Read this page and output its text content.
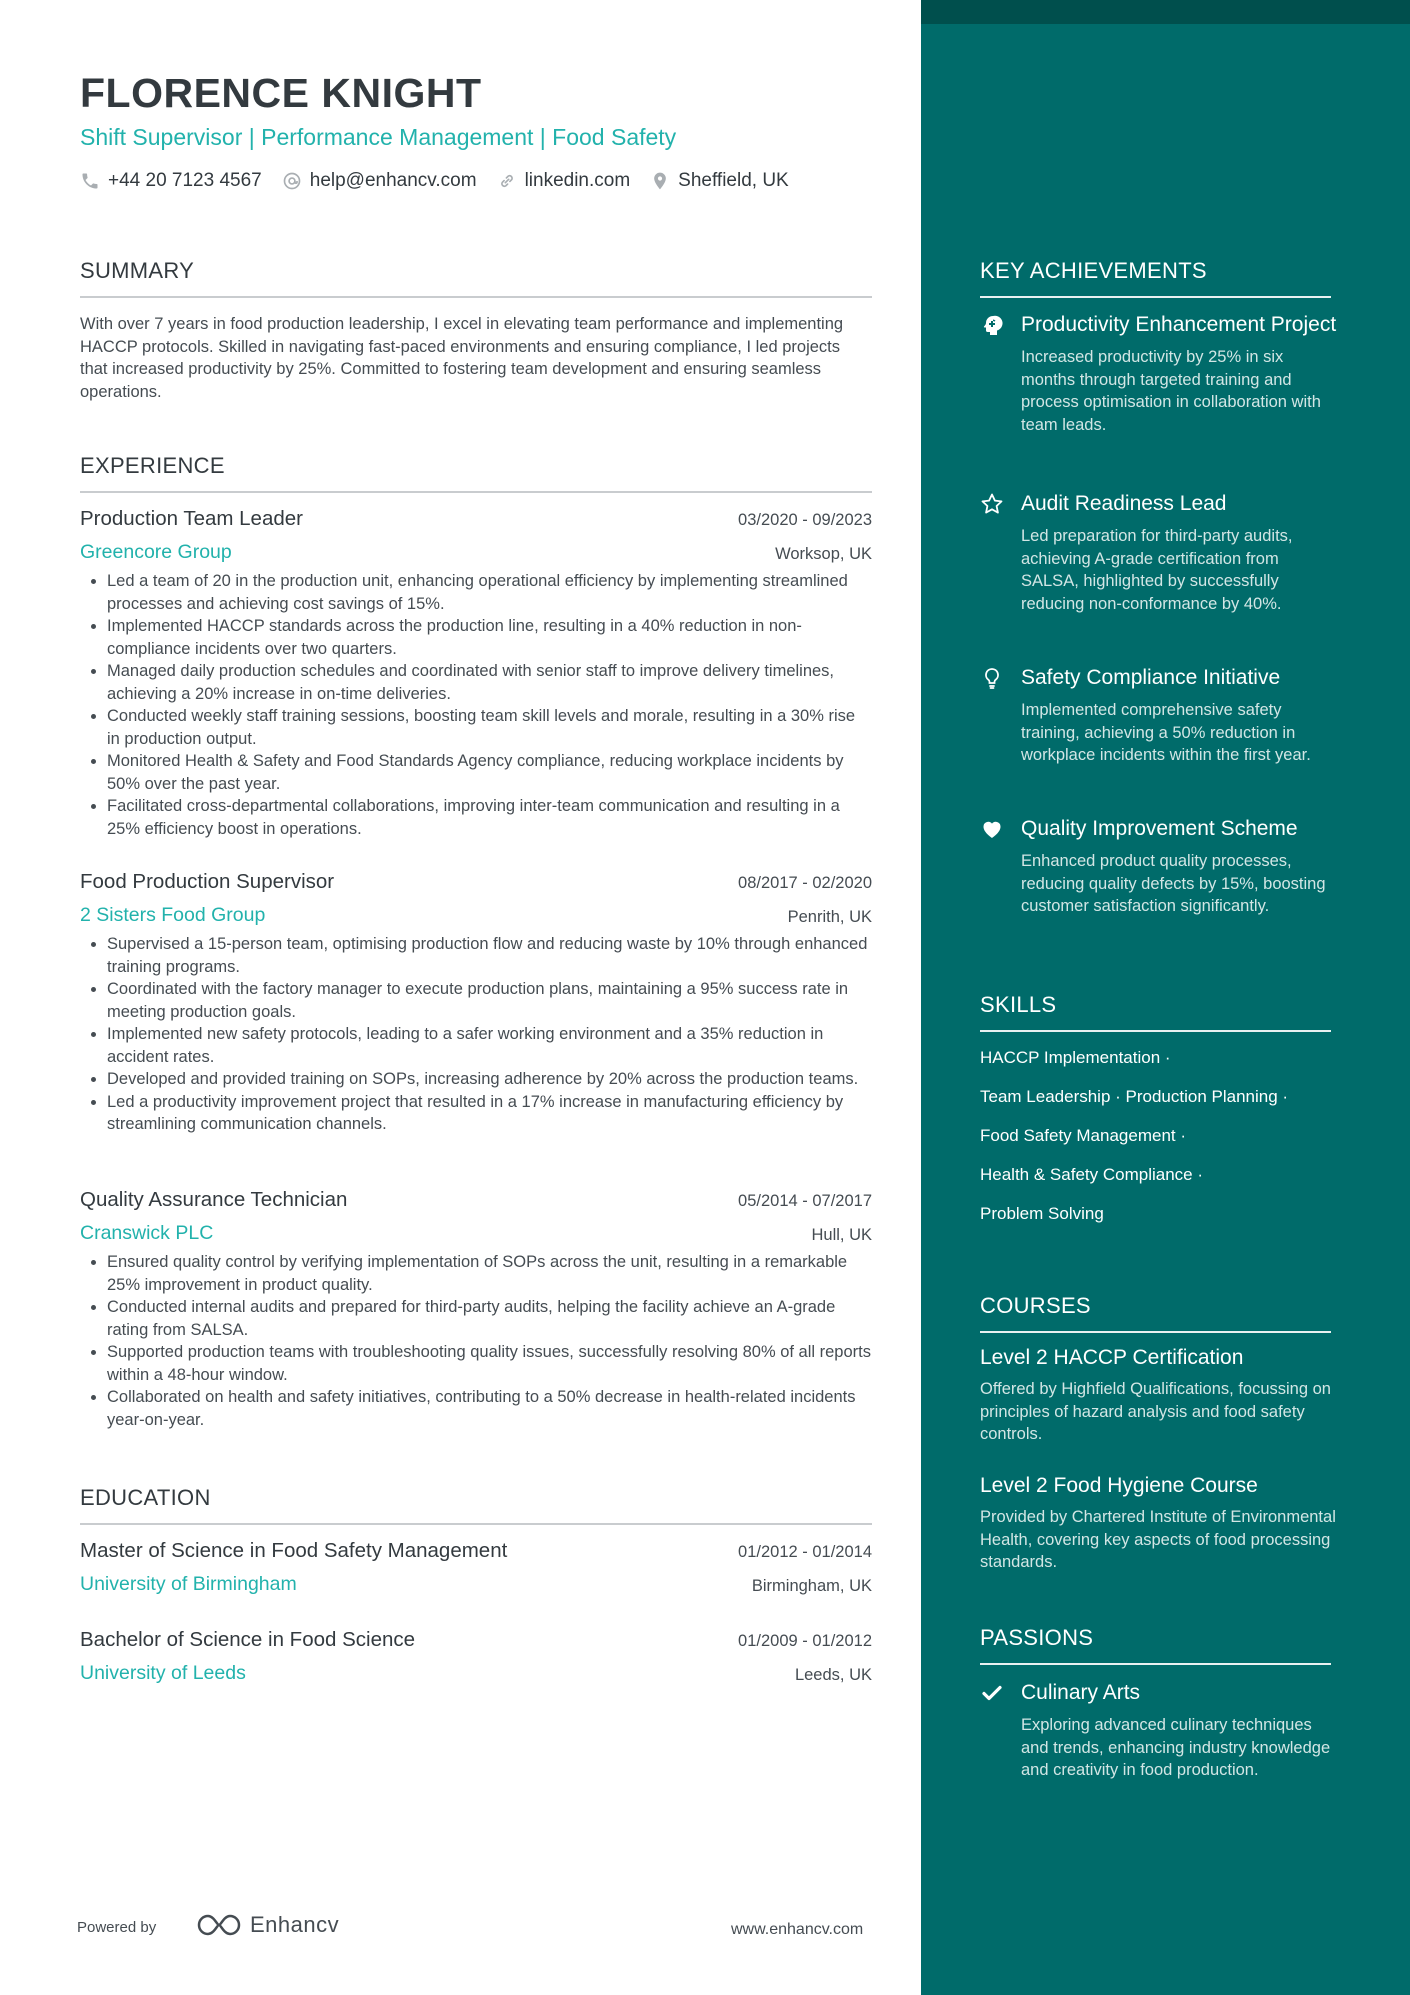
FLORENCE KNIGHT
Shift Supervisor | Performance Management | Food Safety
+44 20 7123 4567	help@enhancv.com	linkedin.com	Sheffield, UK
SUMMARY
With over 7 years in food production leadership, I excel in elevating team performance and implementing HACCP protocols. Skilled in navigating fast-paced environments and ensuring compliance, I led projects that increased productivity by 25%. Committed to fostering team development and ensuring seamless operations.
EXPERIENCE
Production Team Leader	03/2020 - 09/2023
Greencore Group	Worksop, UK
• Led a team of 20 in the production unit, enhancing operational efficiency by implementing streamlined processes and achieving cost savings of 15%.
• Implemented HACCP standards across the production line, resulting in a 40% reduction in non-compliance incidents over two quarters.
• Managed daily production schedules and coordinated with senior staff to improve delivery timelines, achieving a 20% increase in on-time deliveries.
• Conducted weekly staff training sessions, boosting team skill levels and morale, resulting in a 30% rise in production output.
• Monitored Health & Safety and Food Standards Agency compliance, reducing workplace incidents by 50% over the past year.
• Facilitated cross-departmental collaborations, improving inter-team communication and resulting in a 25% efficiency boost in operations.
Food Production Supervisor	08/2017 - 02/2020
2 Sisters Food Group	Penrith, UK
• Supervised a 15-person team, optimising production flow and reducing waste by 10% through enhanced training programs.
• Coordinated with the factory manager to execute production plans, maintaining a 95% success rate in meeting production goals.
• Implemented new safety protocols, leading to a safer working environment and a 35% reduction in accident rates.
• Developed and provided training on SOPs, increasing adherence by 20% across the production teams.
• Led a productivity improvement project that resulted in a 17% increase in manufacturing efficiency by streamlining communication channels.
Quality Assurance Technician	05/2014 - 07/2017
Cranswick PLC	Hull, UK
• Ensured quality control by verifying implementation of SOPs across the unit, resulting in a remarkable 25% improvement in product quality.
• Conducted internal audits and prepared for third-party audits, helping the facility achieve an A-grade rating from SALSA.
• Supported production teams with troubleshooting quality issues, successfully resolving 80% of all reports within a 48-hour window.
• Collaborated on health and safety initiatives, contributing to a 50% decrease in health-related incidents year-on-year.
EDUCATION
Master of Science in Food Safety Management	01/2012 - 01/2014
University of Birmingham	Birmingham, UK
Bachelor of Science in Food Science	01/2009 - 01/2012
University of Leeds	Leeds, UK
Powered by	Enhancv	www.enhancv.com
KEY ACHIEVEMENTS
Productivity Enhancement Project
Increased productivity by 25% in six months through targeted training and process optimisation in collaboration with team leads.
Audit Readiness Lead
Led preparation for third-party audits, achieving A-grade certification from SALSA, highlighted by successfully reducing non-conformance by 40%.
Safety Compliance Initiative
Implemented comprehensive safety training, achieving a 50% reduction in workplace incidents within the first year.
Quality Improvement Scheme
Enhanced product quality processes, reducing quality defects by 15%, boosting customer satisfaction significantly.
SKILLS
HACCP Implementation ·
Team Leadership · Production Planning ·
Food Safety Management ·
Health & Safety Compliance ·
Problem Solving
COURSES
Level 2 HACCP Certification
Offered by Highfield Qualifications, focussing on principles of hazard analysis and food safety controls.
Level 2 Food Hygiene Course
Provided by Chartered Institute of Environmental Health, covering key aspects of food processing standards.
PASSIONS
Culinary Arts
Exploring advanced culinary techniques and trends, enhancing industry knowledge and creativity in food production.
